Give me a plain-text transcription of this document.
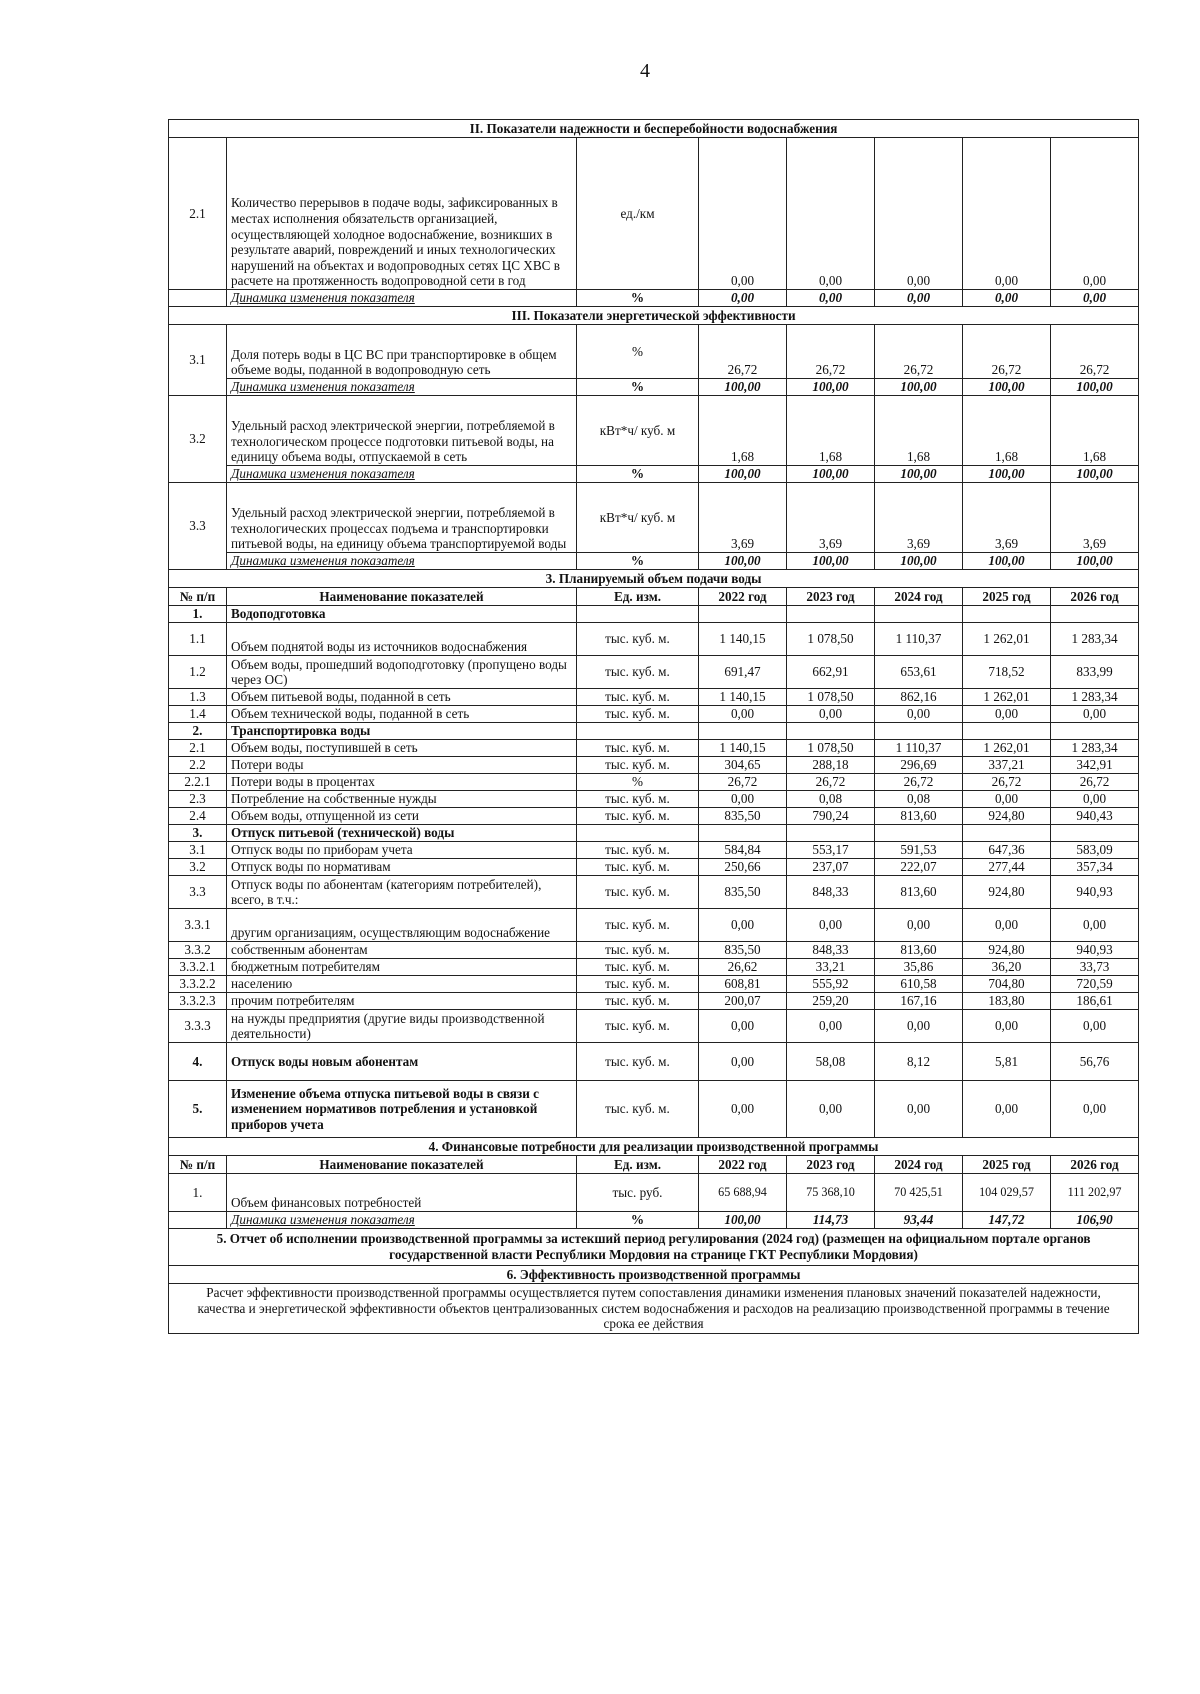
4
II. Показатели надежности и бесперебойности водоснабжения							
2.1	Количество перерывов в подаче воды, зафиксированных в местах исполнения обязательств организацией, осуществляющей холодное водоснабжение, возникших в результате аварий, повреждений и иных технологических нарушений на объектах и водопроводных сетях ЦС ХВС в расчете на протяженность водопроводной сети в год	ед./км	0,00	0,00	0,00	0,00	0,00
	Динамика изменения показателя	%	0,00	0,00	0,00	0,00	0,00
III. Показатели энергетической эффективности							
3.1	Доля потерь воды в ЦС ВС при транспортировке в общем объеме воды, поданной в водопроводную сеть	%	26,72	26,72	26,72	26,72	26,72
	Динамика изменения показателя	%	100,00	100,00	100,00	100,00	100,00
3.2	Удельный расход электрической энергии, потребляемой в технологическом процессе подготовки питьевой воды, на единицу объема воды, отпускаемой в сеть	кВт*ч/ куб. м	1,68	1,68	1,68	1,68	1,68
	Динамика изменения показателя	%	100,00	100,00	100,00	100,00	100,00
3.3	Удельный расход электрической энергии, потребляемой в технологических процессах подъема и транспортировки питьевой воды, на единицу объема транспортируемой воды	кВт*ч/ куб. м	3,69	3,69	3,69	3,69	3,69
	Динамика изменения показателя	%	100,00	100,00	100,00	100,00	100,00
3. Планируемый объем подачи воды							
№ п/п	Наименование показателей	Ед. изм.	2022 год	2023 год	2024 год	2025 год	2026 год
1.	Водоподготовка						
1.1	Объем поднятой воды из источников водоснабжения	тыс. куб. м.	1 140,15	1 078,50	1 110,37	1 262,01	1 283,34
1.2	Объем воды, прошедший водоподготовку (пропущено воды через ОС)	тыс. куб. м.	691,47	662,91	653,61	718,52	833,99
1.3	Объем питьевой воды, поданной в сеть	тыс. куб. м.	1 140,15	1 078,50	862,16	1 262,01	1 283,34
1.4	Объем технической воды, поданной в сеть	тыс. куб. м.	0,00	0,00	0,00	0,00	0,00
2.	Транспортировка воды						
2.1	Объем воды, поступившей в сеть	тыс. куб. м.	1 140,15	1 078,50	1 110,37	1 262,01	1 283,34
2.2	Потери воды	тыс. куб. м.	304,65	288,18	296,69	337,21	342,91
2.2.1	Потери воды в процентах	%	26,72	26,72	26,72	26,72	26,72
2.3	Потребление на собственные нужды	тыс. куб. м.	0,00	0,08	0,08	0,00	0,00
2.4	Объем воды, отпущенной из сети	тыс. куб. м.	835,50	790,24	813,60	924,80	940,43
3.	Отпуск питьевой (технической) воды						
3.1	Отпуск воды по приборам учета	тыс. куб. м.	584,84	553,17	591,53	647,36	583,09
3.2	Отпуск воды по нормативам	тыс. куб. м.	250,66	237,07	222,07	277,44	357,34
3.3	Отпуск воды по абонентам (категориям потребителей), всего, в т.ч.:	тыс. куб. м.	835,50	848,33	813,60	924,80	940,93
3.3.1	другим организациям, осуществляющим водоснабжение	тыс. куб. м.	0,00	0,00	0,00	0,00	0,00
3.3.2	собственным абонентам	тыс. куб. м.	835,50	848,33	813,60	924,80	940,93
3.3.2.1	бюджетным потребителям	тыс. куб. м.	26,62	33,21	35,86	36,20	33,73
3.3.2.2	населению	тыс. куб. м.	608,81	555,92	610,58	704,80	720,59
3.3.2.3	прочим потребителям	тыс. куб. м.	200,07	259,20	167,16	183,80	186,61
3.3.3	на нужды предприятия (другие виды производственной деятельности)	тыс. куб. м.	0,00	0,00	0,00	0,00	0,00
4.	Отпуск воды новым абонентам	тыс. куб. м.	0,00	58,08	8,12	5,81	56,76
5.	Изменение объема отпуска питьевой воды в связи с изменением нормативов потребления и установкой приборов учета	тыс. куб. м.	0,00	0,00	0,00	0,00	0,00
4. Финансовые потребности для реализации производственной программы							
№ п/п	Наименование показателей	Ед. изм.	2022 год	2023 год	2024 год	2025 год	2026 год
1.	Объем финансовых потребностей	тыс. руб.	65 688,94	75 368,10	70 425,51	104 029,57	111 202,97
	Динамика изменения показателя	%	100,00	114,73	93,44	147,72	106,90
5. Отчет об исполнении производственной программы за истекший период регулирования (2024 год) (размещен на официальном портале органов государственной власти Республики Мордовия на странице ГКТ Республики Мордовия)							
6. Эффективность производственной программы							
Расчет эффективности производственной программы осуществляется путем сопоставления динамики изменения плановых значений показателей надежности, качества и энергетической эффективности объектов централизованных систем водоснабжения и расходов на реализацию производственной программы в течение срока ее действия							
